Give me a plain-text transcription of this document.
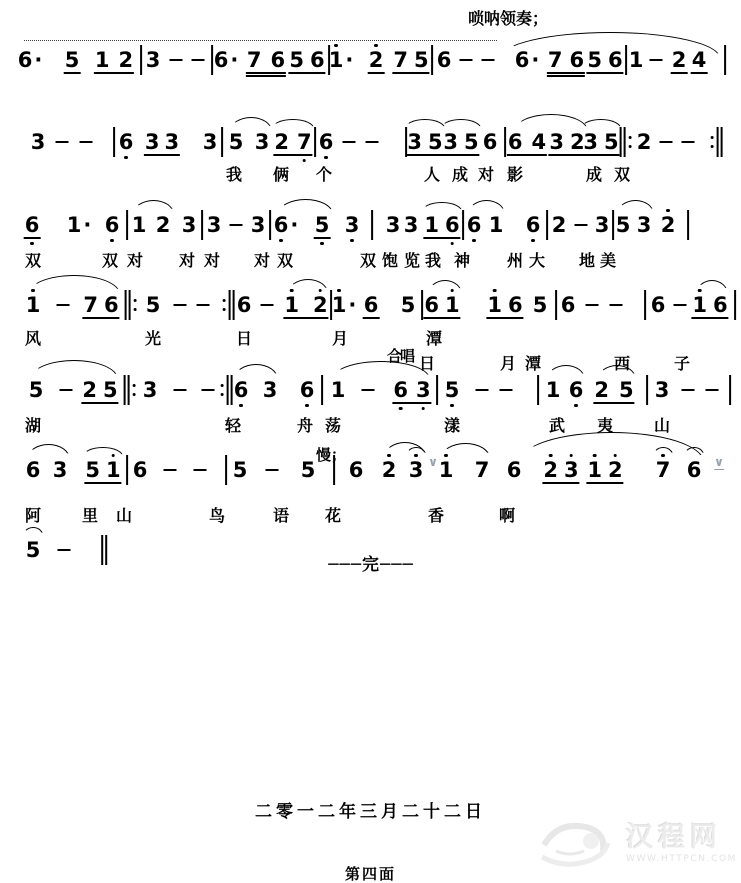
6 · 5 1 2 3	6 · 7 6 5 6 1 · 2 7 5 6	6 · 7 6 5 6 1 2 4
唢呐领奏；
3	6 3 3 3 5 3 2 7 6	3 5 3 5 6 6 4 3 2
3 5 2
我 俩 个	人 成 对 影	成 双
6 1 · 6 1 2 3 3 3 6 · 5 3 3 3 1 6 6 1 6 2 3 5 3 2
双	双 对 对 对 对 双	双 饱 览 我 神 州 大 地 美
1 7 6 5	6 1 2 1 · 6 5 6 1 1 6 5 6	6 1 6
风	光	日	月	潭
日	月 潭	西	子
合唱
5 2 5 3	6 3 6 1 6 3 5	1 6 2 5 3
湖	轻	舟 荡	漾	武 夷	山
6 3 5 1 6	5	5 6 2 3 ∨ 1 7 6 2 3 1 2 7 6 ∨
阿	里 山	鸟	语 花	香	啊
慢；
5
───完───
二零一二年三月二十二日
第四面
汉程网
WWW.HTTPCN.COM
